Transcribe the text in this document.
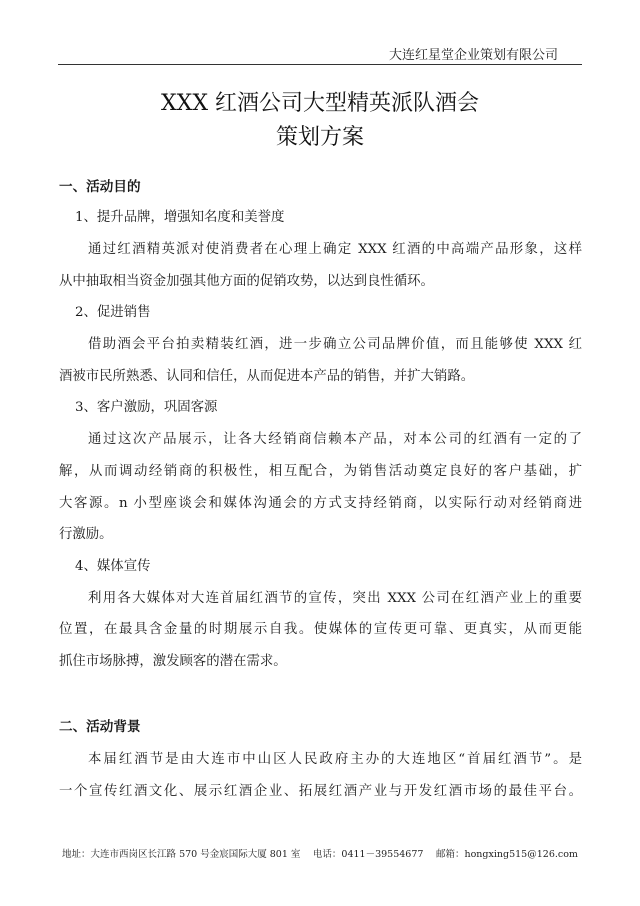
大连红星堂企业策划有限公司
XXX 红酒公司大型精英派队酒会
策划方案
一、活动目的
1、提升品牌，增强知名度和美誉度
通过红酒精英派对使消费者在心理上确定 XXX 红酒的中高端产品形象，这样
从中抽取相当资金加强其他方面的促销攻势，以达到良性循环。
2、促进销售
借助酒会平台拍卖精装红酒，进一步确立公司品牌价值，而且能够使 XXX 红
酒被市民所熟悉、认同和信任，从而促进本产品的销售，并扩大销路。
3、客户激励，巩固客源
通过这次产品展示，让各大经销商信赖本产品，对本公司的红酒有一定的了
解，从而调动经销商的积极性，相互配合，为销售活动奠定良好的客户基础，扩
大客源。n 小型座谈会和媒体沟通会的方式支持经销商，以实际行动对经销商进
行激励。
4、媒体宣传
利用各大媒体对大连首届红酒节的宣传，突出 XXX 公司在红酒产业上的重要
位置，在最具含金量的时期展示自我。使媒体的宣传更可靠、更真实，从而更能
抓住市场脉搏，激发顾客的潜在需求。
二、活动背景
本届红酒节是由大连市中山区人民政府主办的大连地区“首届红酒节”。是
一个宣传红酒文化、展示红酒企业、拓展红酒产业与开发红酒市场的最佳平台。
地址：大连市西岗区长江路 570 号金宸国际大厦 801 室　 电话：0411－39554677　 邮箱：hongxing515@126.com
